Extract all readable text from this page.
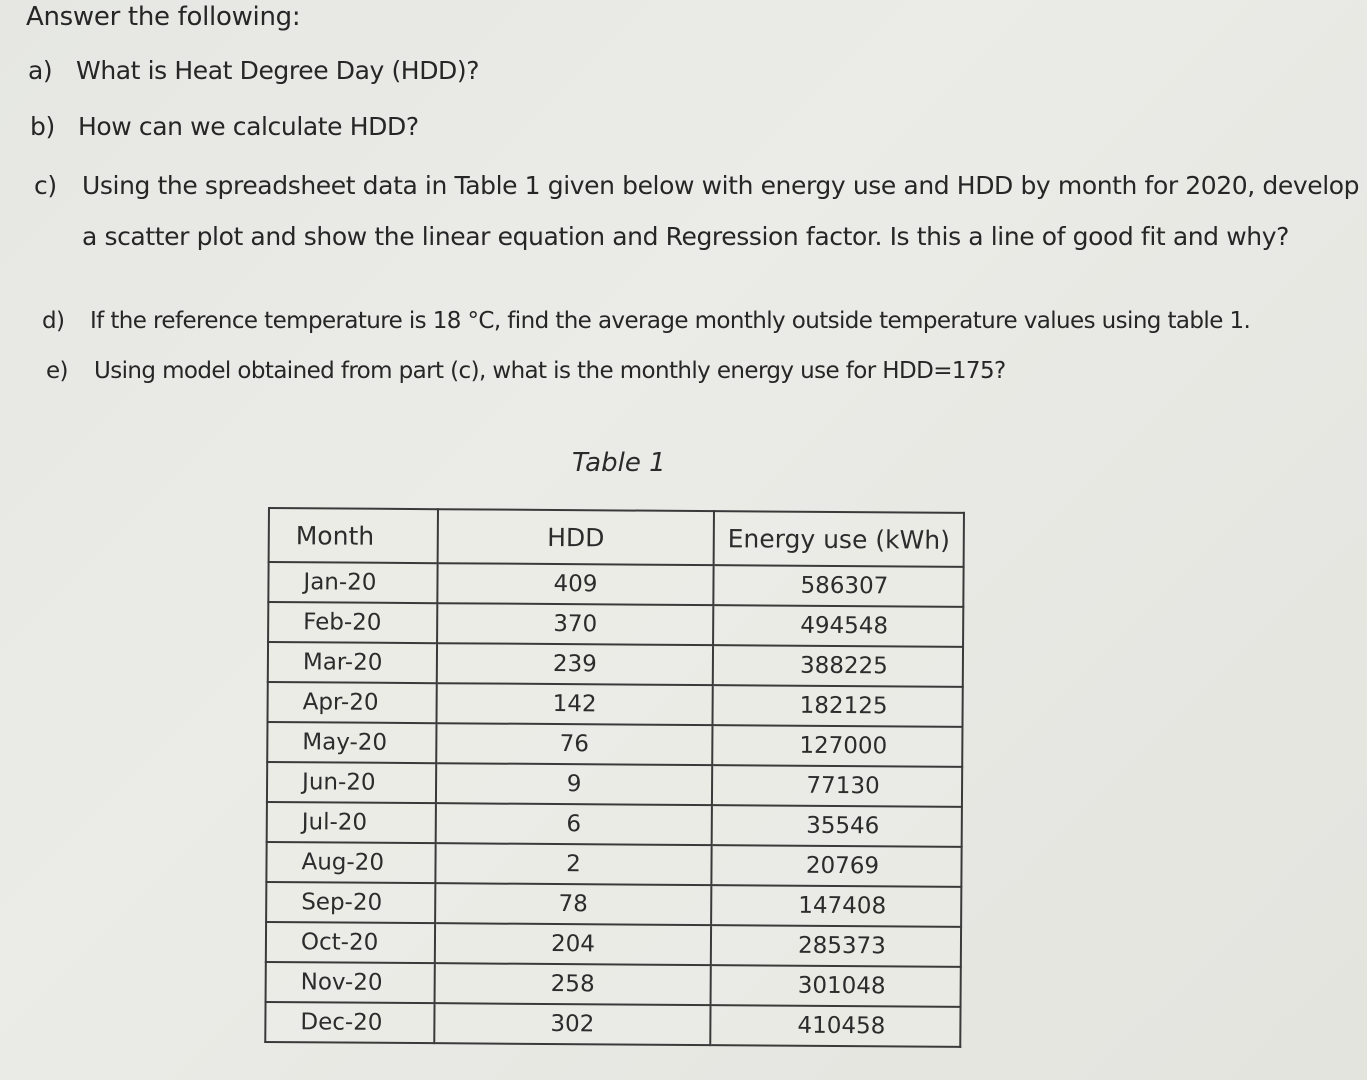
Answer the following:
a) What is Heat Degree Day (HDD)?
b) How can we calculate HDD?
c) Using the spreadsheet data in Table 1 given below with energy use and HDD by month for 2020, develop a scatter plot and show the linear equation and Regression factor. Is this a line of good fit and why?
d) If the reference temperature is 18 °C, find the average monthly outside temperature values using table 1.
e) Using model obtained from part (c), what is the monthly energy use for HDD=175?
Table 1
Month	HDD	Energy use (kWh)
Jan-20	409	586307
Feb-20	370	494548
Mar-20	239	388225
Apr-20	142	182125
May-20	76	127000
Jun-20	9	77130
Jul-20	6	35546
Aug-20	2	20769
Sep-20	78	147408
Oct-20	204	285373
Nov-20	258	301048
Dec-20	302	410458
